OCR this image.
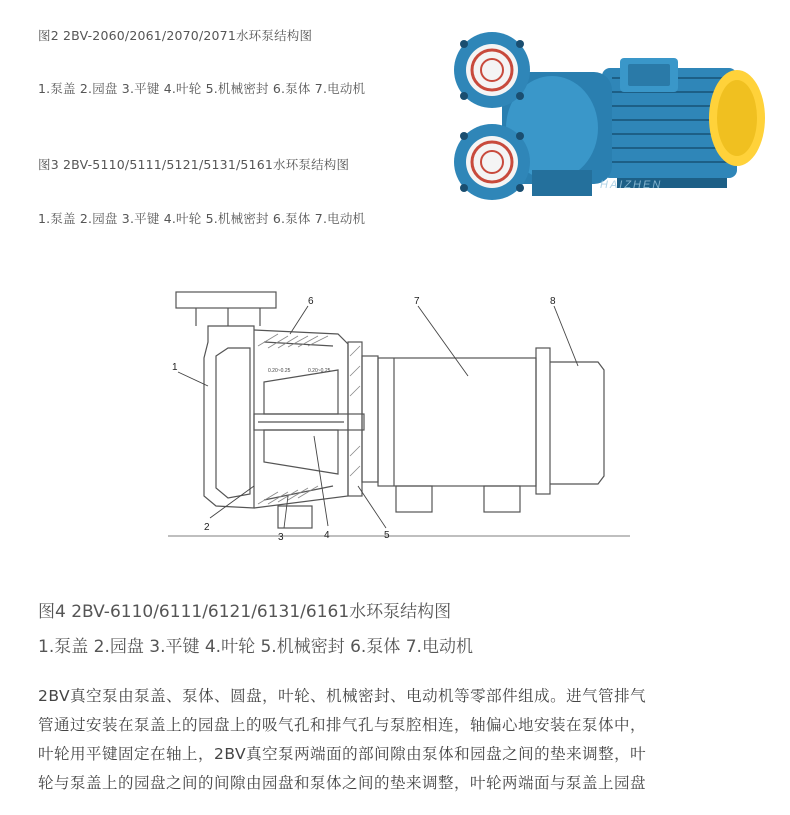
图2 2BV-2060/2061/2070/2071水环泵结构图
1.泵盖 2.园盘 3.平键 4.叶轮 5.机械密封 6.泵体 7.电动机
图3 2BV-5110/5111/5121/5131/5161水环泵结构图
1.泵盖 2.园盘 3.平键 4.叶轮 5.机械密封 6.泵体 7.电动机
HAIZHEN
1
2
3	4	5
6	7	8
0.20~0.25	0.20~0.25
图4 2BV-6110/6111/6121/6131/6161水环泵结构图
1.泵盖 2.园盘 3.平键 4.叶轮 5.机械密封 6.泵体 7.电动机

2BV真空泵由泵盖、泵体、圆盘，叶轮、机械密封、电动机等零部件组成。进气管排气
管通过安装在泵盖上的园盘上的吸气孔和排气孔与泵腔相连，轴偏心地安装在泵体中，
叶轮用平键固定在轴上，2BV真空泵两端面的部间隙由泵体和园盘之间的垫来调整，叶
轮与泵盖上的园盘之间的间隙由园盘和泵体之间的垫来调整，叶轮两端面与泵盖上园盘
